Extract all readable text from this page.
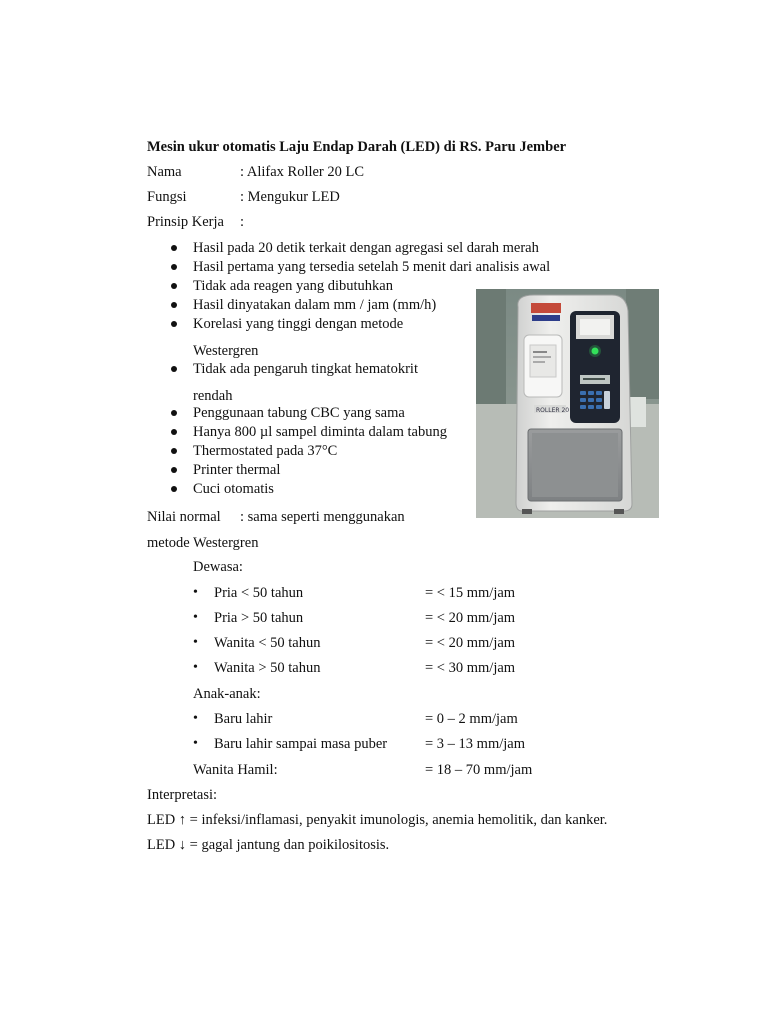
Mesin ukur otomatis Laju Endap Darah (LED) di RS. Paru Jember
Nama	: Alifax Roller 20 LC
Fungsi	: Mengukur LED
Prinsip Kerja :
Hasil pada 20 detik terkait dengan agregasi sel darah merah
Hasil pertama yang tersedia setelah 5 menit dari analisis awal
Tidak ada reagen yang dibutuhkan
Hasil dinyatakan dalam mm / jam (mm/h)
Korelasi yang tinggi dengan metode
Westergren
Tidak ada pengaruh tingkat hematokrit
rendah
Penggunaan tabung CBC yang sama
Hanya 800 µl sampel diminta dalam tabung
Thermostated pada 37°C
Printer thermal
Cuci otomatis
ROLLER 20
Nilai normal : sama seperti menggunakan
metode Westergren
Dewasa:
• Pria < 50 tahun	= < 15 mm/jam
• Pria > 50 tahun	= < 20 mm/jam
• Wanita < 50 tahun	= < 20 mm/jam
• Wanita > 50 tahun	= < 30 mm/jam
Anak-anak:
• Baru lahir	= 0 – 2 mm/jam
• Baru lahir sampai masa puber	= 3 – 13 mm/jam
Wanita Hamil:	= 18 – 70 mm/jam
Interpretasi:
LED ↑ = infeksi/inflamasi, penyakit imunologis, anemia hemolitik, dan kanker.
LED ↓ = gagal jantung dan poikilositosis.
